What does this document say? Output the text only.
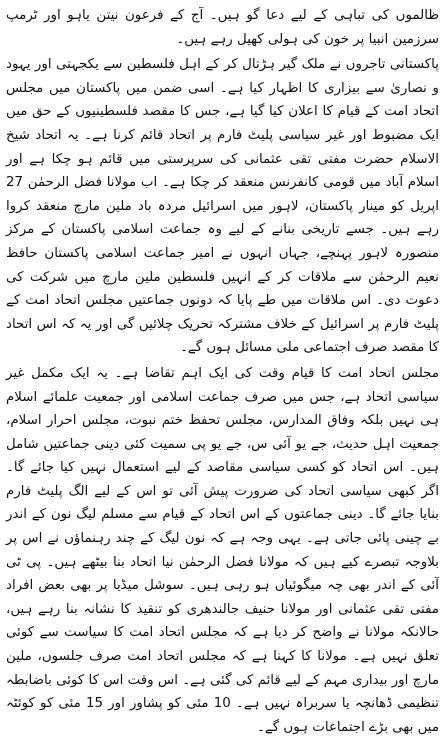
ظالموں کی تباہی کے لیے دعا گو ہیں۔ آج کے فرعون نیتن یاہو اور ٹرمپ سرزمین انبیا پر خون کی ہولی کھیل رہے ہیں۔

پاکستانی تاجروں نے ملک گیر ہڑتال کر کے اہل فلسطین سے یکجہتی اور یہود و نصاریٰ سے بیزاری کا اظہار کیا ہے۔ اسی ضمن میں پاکستان میں مجلس اتحاد امت کے قیام کا اعلان کیا گیا ہے، جس کا مقصد فلسطینیوں کے حق میں ایک مضبوط اور غیر سیاسی پلیٹ فارم پر اتحاد قائم کرنا ہے۔ یہ اتحاد شیخ الاسلام حضرت مفتی تقی عثمانی کی سرپرستی میں قائم ہو چکا ہے اور اسلام آباد میں قومی کانفرنس منعقد کر چکا ہے۔ اب مولانا فضل الرحمٰن 27 اپریل کو مینار پاکستان، لاہور میں اسرائیل مردہ باد ملین مارچ منعقد کروا رہے ہیں۔ جسے تاریخی بنانے کے لیے وہ جماعت اسلامی پاکستان کے مرکز منصورہ لاہور پہنچے، جہاں انہوں نے امیر جماعت اسلامی پاکستان حافظ نعیم الرحمٰن سے ملاقات کر کے انہیں فلسطین ملین مارچ میں شرکت کی دعوت دی۔ اس ملاقات میں طے پایا کہ دونوں جماعتیں مجلس اتحاد امت کے پلیٹ فارم پر اسرائیل کے خلاف مشترکہ تحریک چلائیں گی اور یہ کہ اس اتحاد کا مقصد صرف اجتماعی ملی مسائل ہوں گے۔

مجلس اتحاد امت کا قیام وقت کی ایک اہم تقاضا ہے۔ یہ ایک مکمل غیر سیاسی اتحاد ہے، جس میں صرف جماعت اسلامی اور جمعیت علمائے اسلام ہی نہیں بلکہ وفاق المدارس، مجلس تحفظ ختم نبوت، مجلس احرار اسلام، جمعیت اہل حدیث، جے یو آئی س، جے یو پی سمیت کئی دینی جماعتیں شامل ہیں۔ اس اتحاد کو کسی سیاسی مقاصد کے لیے استعمال نہیں کیا جائے گا۔ اگر کبھی سیاسی اتحاد کی ضرورت پیش آئی تو اس کے لیے الگ پلیٹ فارم بنایا جائے گا۔ دینی جماعتوں کے اس اتحاد کے قیام سے مسلم لیگ نون کے اندر بے چینی پائی جاتی ہے۔ یہی وجہ ہے کہ نون لیگ کے چند رہنماؤں نے اس پر بلاوجہ تبصرے کیے ہیں کہ مولانا فضل الرحمٰن نیا اتحاد بنا بیٹھے ہیں۔ پی ٹی آئی کے اندر بھی چہ میگوئیاں ہو رہی ہیں۔ سوشل میڈیا پر بھی بعض افراد مفتی تقی عثمانی اور مولانا حنیف جالندھری کو تنقید کا نشانہ بنا رہے ہیں، حالانکہ مولانا نے واضح کر دیا ہے کہ مجلس اتحاد امت کا سیاست سے کوئی تعلق نہیں ہے۔ مولانا کا کہنا ہے کہ مجلس اتحاد امت صرف جلسوں، ملین مارچ اور بیداری مہم کے لیے قائم کی گئی ہے۔ اس وقت اس کا کوئی باضابطہ تنظیمی ڈھانچہ یا سربراہ نہیں ہے۔ 10 مئی کو پشاور اور 15 مئی کو کوئٹہ میں بھی بڑے اجتماعات ہوں گے۔
